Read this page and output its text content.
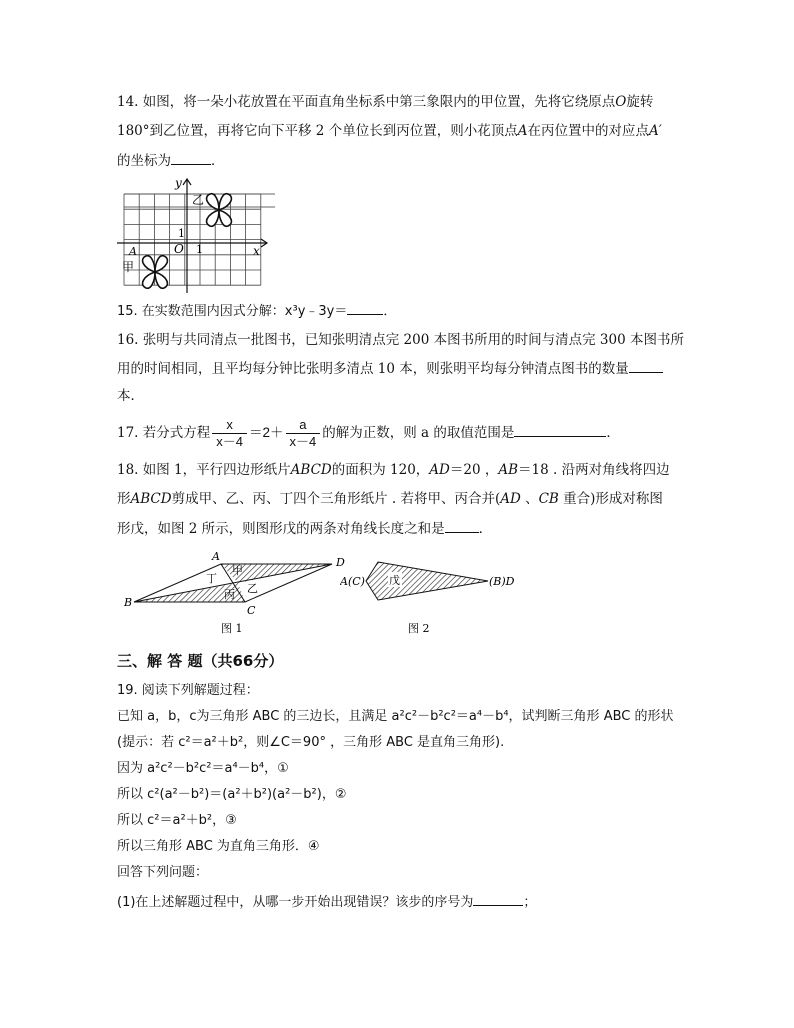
14. 如图，将一朵小花放置在平面直角坐标系中第三象限内的甲位置，先将它绕原点O旋转
180°到乙位置，再将它向下平移 2 个单位长到丙位置，则小花顶点A在丙位置中的对应点A′
的坐标为	．
y
x
O 1
1
乙
甲
A
15. 在实数范围内因式分解：x³y﹣3y＝	．
16. 张明与共同清点一批图书，已知张明清点完 200 本图书所用的时间与清点完 300 本图书所
用的时间相同，且平均每分钟比张明多清点 10 本，则张明平均每分钟清点图书的数量
本．
17. 若分式方程 $\frac{x}{x-4} =2+ \frac{a}{x-4}$ 的解为正数，则 a 的取值范围是	．
18. 如图 1，平行四边形纸片ABCD的面积为 120，AD＝20 ，AB＝18 . 沿两对角线将四边
形ABCD剪成甲、乙、丙、丁四个三角形纸片 . 若将甲、丙合并(AD 、CB 重合)形成对称图
形戊，如图 2 所示，则图形戊的两条对角线长度之和是	．
A	D
B
C
甲
乙
丙
丁
图 1
A(C)	(B)D
戊
图 2
三、解 答 题（共66分）
19. 阅读下列解题过程：
已知 a，b，c为三角形 ABC 的三边长，且满足 a²c²－b²c²＝a⁴－b⁴，试判断三角形 ABC 的形状
(提示：若 c²＝a²＋b²，则∠C＝90° ，三角形 ABC 是直角三角形).
因为 a²c²－b²c²＝a⁴－b⁴，①
所以 c²(a²－b²)＝(a²＋b²)(a²－b²)，②
所以 c²＝a²＋b²，③
所以三角形 ABC 为直角三角形．④
回答下列问题：
(1)在上述解题过程中，从哪一步开始出现错误？该步的序号为	；
